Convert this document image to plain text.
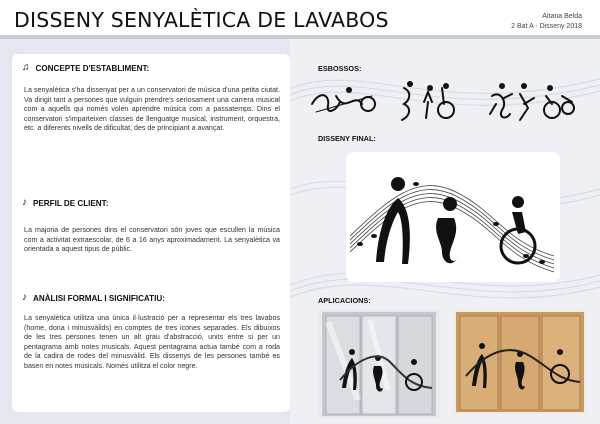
DISSENY SENYALÈTICA DE LAVABOS	Aitana Belda
2 Bat A - Disseny 2018
♫ CONCEPTE D'ESTABLIMENT:
La senyalètica s'ha dissenyat per a un conservatori de música d'una petita ciutat. Va dirigit tant a persones que vulguin prendre's seriosament una carrera musical com a aquells qui només volen aprendre música com a passatemps. Dins el conservatori s'imparteixen classes de llenguatge musical, instrument, orquestra, etc. a diferents nivells de dificultat, des de principiant a avançat.
♪ PERFIL DE CLIENT:
La majoria de persones dins el conservatori són joves que escullen la música com a activitat extraescolar, de 6 a 16 anys aproximadament. La senyalètica va orientada a aquest tipus de públic.
♪ ANÀLISI FORMAL I SIGNIFICATIU:
La senyalètica utilitza una única il·lustració per a representar els tres lavabos (home, dona i minusvàlids) en comptes de tres icones separades. Els dibuixos de les tres persones tenen un alt grau d'abstracció, units entre si per un pentagrama amb notes musicals. Aquest pentagrama actua també com a roda de la cadira de rodes del minusvàlid. Els dissenys de les persones també es basen en notes musicals. Només utilitza el color negre.
ESBOSSOS:
DISSENY FINAL:
APLICACIONS:
